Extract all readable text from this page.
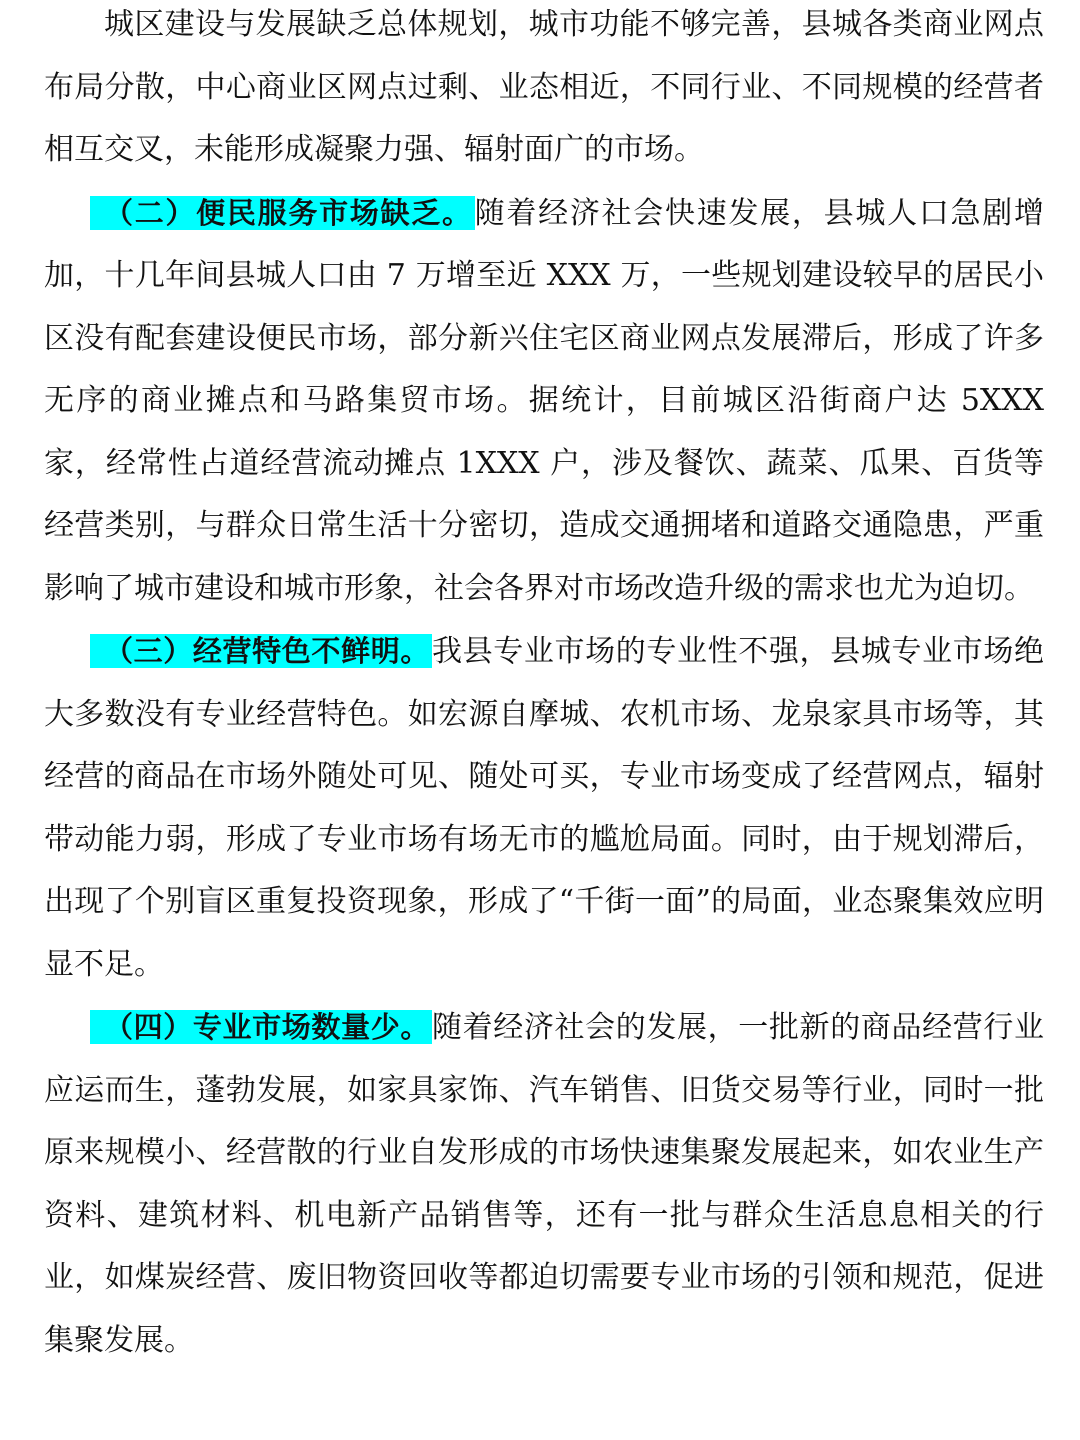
城区建设与发展缺乏总体规划，城市功能不够完善，县城各类商业网点布局分散，中心商业区网点过剩、业态相近，不同行业、不同规模的经营者相互交叉，未能形成凝聚力强、辐射面广的市场。

（二）便民服务市场缺乏。随着经济社会快速发展，县城人口急剧增加，十几年间县城人口由 7 万增至近 XXX 万，一些规划建设较早的居民小区没有配套建设便民市场，部分新兴住宅区商业网点发展滞后，形成了许多无序的商业摊点和马路集贸市场。据统计，目前城区沿街商户达 5XXX 家，经常性占道经营流动摊点 1XXX 户，涉及餐饮、蔬菜、瓜果、百货等经营类别，与群众日常生活十分密切，造成交通拥堵和道路交通隐患，严重影响了城市建设和城市形象，社会各界对市场改造升级的需求也尤为迫切。

（三）经营特色不鲜明。我县专业市场的专业性不强，县城专业市场绝大多数没有专业经营特色。如宏源自摩城、农机市场、龙泉家具市场等，其经营的商品在市场外随处可见、随处可买，专业市场变成了经营网点，辐射带动能力弱，形成了专业市场有场无市的尴尬局面。同时，由于规划滞后，出现了个别盲区重复投资现象，形成了“千街一面”的局面，业态聚集效应明显不足。

（四）专业市场数量少。随着经济社会的发展，一批新的商品经营行业应运而生，蓬勃发展，如家具家饰、汽车销售、旧货交易等行业，同时一批原来规模小、经营散的行业自发形成的市场快速集聚发展起来，如农业生产资料、建筑材料、机电新产品销售等，还有一批与群众生活息息相关的行业，如煤炭经营、废旧物资回收等都迫切需要专业市场的引领和规范，促进集聚发展。
